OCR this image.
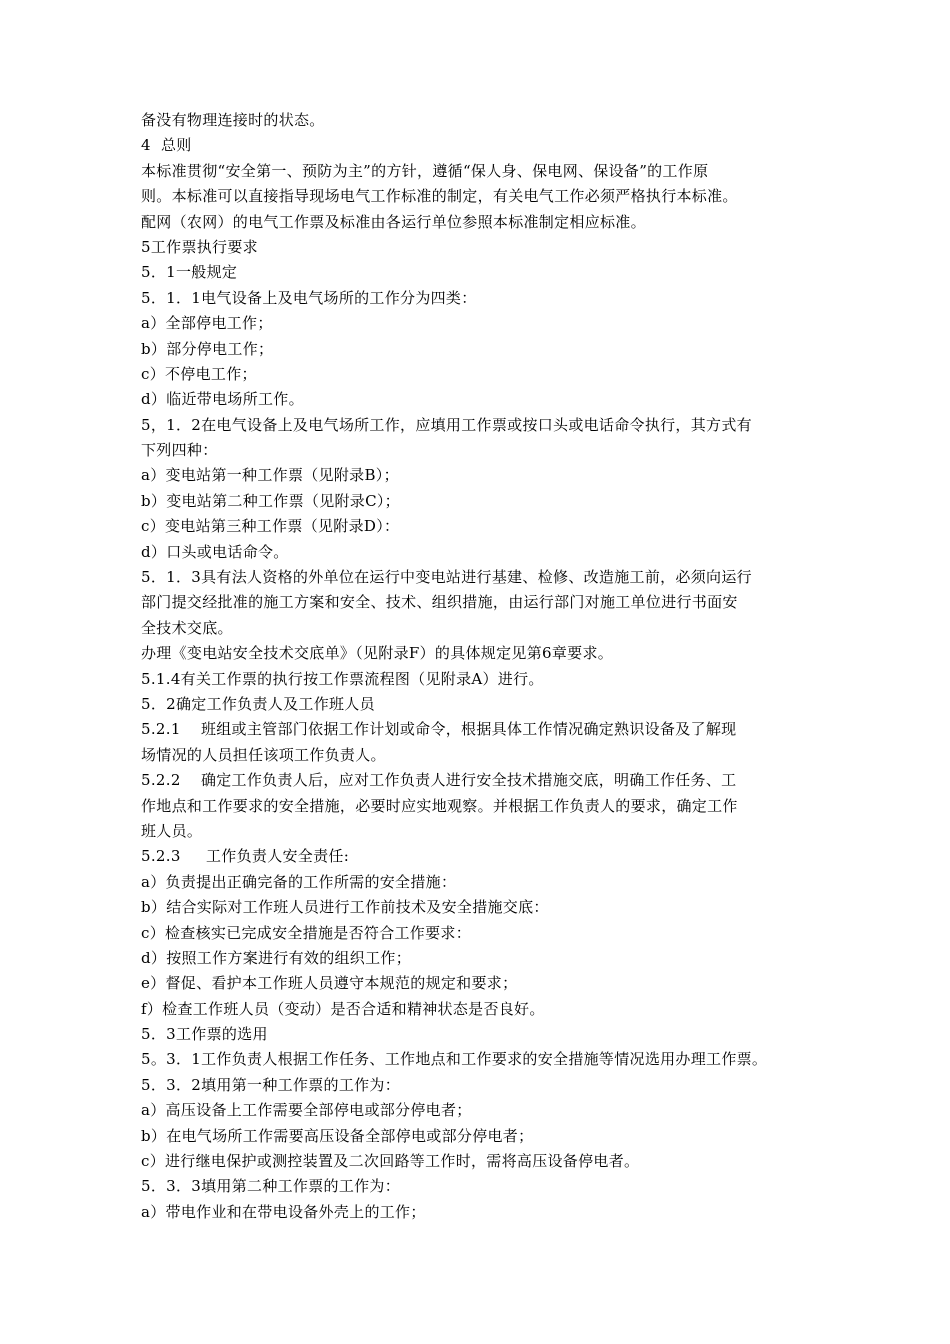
备没有物理连接时的状态。
4  总则
本标准贯彻“安全第一、预防为主”的方针，遵循“保人身、保电网、保设备”的工作原
则。本标准可以直接指导现场电气工作标准的制定，有关电气工作必须严格执行本标准。
配网（农网）的电气工作票及标准由各运行单位参照本标准制定相应标准。
5工作票执行要求
5．1一般规定
5．1．1电气设备上及电气场所的工作分为四类：
a）全部停电工作；
b）部分停电工作；
c）不停电工作；
d）临近带电场所工作。
5，1．2在电气设备上及电气场所工作，应填用工作票或按口头或电话命令执行，其方式有
下列四种：
a）变电站第一种工作票（见附录B）；
b）变电站第二种工作票（见附录C）；
c）变电站第三种工作票（见附录D）：
d）口头或电话命令。
5．1．3具有法人资格的外单位在运行中变电站进行基建、检修、改造施工前，必须向运行
部门提交经批准的施工方案和安全、技术、组织措施，由运行部门对施工单位进行书面安
全技术交底。
办理《变电站安全技术交底单》（见附录F）的具体规定见第6章要求。
5.1.4有关工作票的执行按工作票流程图（见附录A）进行。
5．2确定工作负责人及工作班人员
5.2.1    班组或主管部门依据工作计划或命令，根据具体工作情况确定熟识设备及了解现
场情况的人员担任该项工作负责人。
5.2.2    确定工作负责人后，应对工作负责人进行安全技术措施交底，明确工作任务、工
作地点和工作要求的安全措施，必要时应实地观察。并根据工作负责人的要求，确定工作
班人员。
5.2.3     工作负责人安全责任:
a）负责提出正确完备的工作所需的安全措施：
b）结合实际对工作班人员进行工作前技术及安全措施交底：
c）检查核实已完成安全措施是否符合工作要求：
d）按照工作方案进行有效的组织工作；
e）督促、看护本工作班人员遵守本规范的规定和要求；
f）检查工作班人员（变动）是否合适和精神状态是否良好。
5．3工作票的选用
5。3．1工作负责人根据工作任务、工作地点和工作要求的安全措施等情况选用办理工作票。
5．3．2填用第一种工作票的工作为：
a）高压设备上工作需要全部停电或部分停电者；
b）在电气场所工作需要高压设备全部停电或部分停电者；
c）进行继电保护或测控装置及二次回路等工作时，需将高压设备停电者。
5．3．3填用第二种工作票的工作为：
a）带电作业和在带电设备外壳上的工作；
